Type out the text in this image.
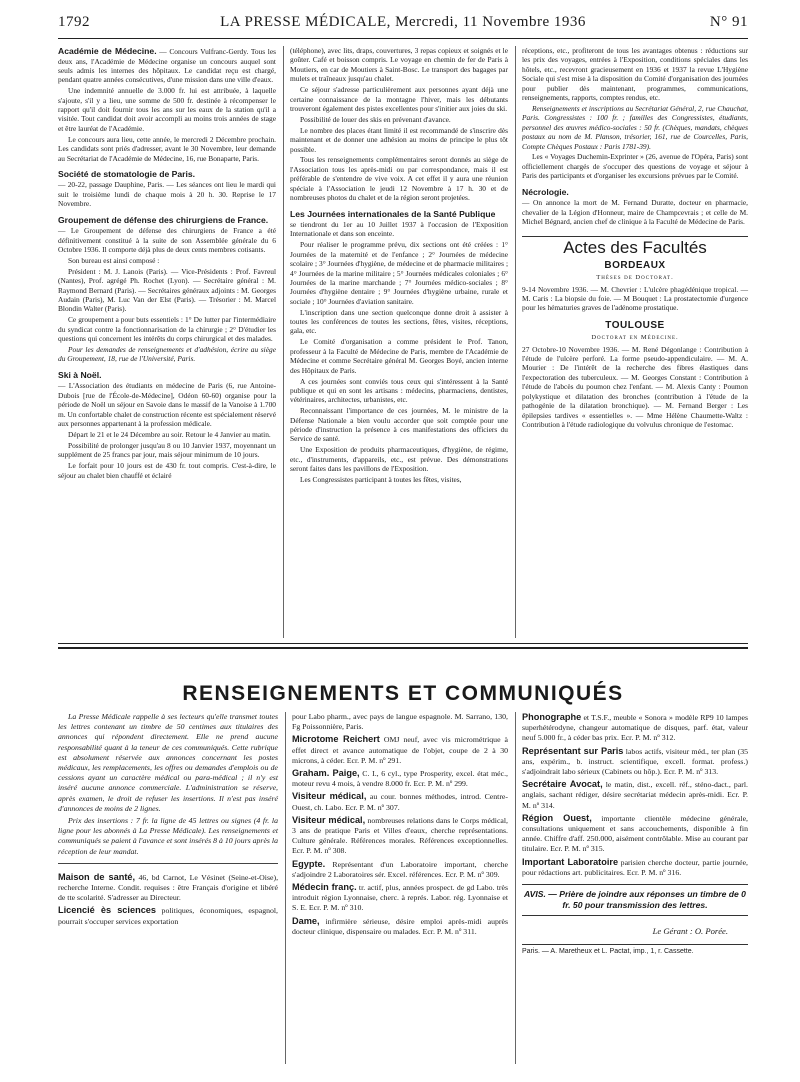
1792	LA PRESSE MÉDICALE, Mercredi, 11 Novembre 1936	N° 91

Académie de Médecine. — Concours Vulfranc-Gerdy. Tous les deux ans, l'Académie de Médecine organise un concours auquel sont seuls admis les internes des hôpitaux. Le candidat reçu est chargé, pendant quatre années consécutives, d'une mission dans une ville d'eaux.

Une indemnité annuelle de 3.000 fr. lui est attribuée, à laquelle s'ajoute, s'il y a lieu, une somme de 500 fr. destinée à récompenser le rapport qu'il doit fournir tous les ans sur les eaux de la station qu'il a visitée. Tout candidat doit avoir accompli au moins trois années de stage et être lauréat de l'Académie.

Le concours aura lieu, cette année, le mercredi 2 Décembre prochain. Les candidats sont priés d'adresser, avant le 30 Novembre, leur demande au Secrétariat de l'Académie de Médecine, 16, rue Bonaparte, Paris.

Société de stomatologie de Paris.

— 20-22, passage Dauphine, Paris. — Les séances ont lieu le mardi qui suit le troisième lundi de chaque mois à 20 h. 30. Reprise le 17 Novembre.

Groupement de défense des chirurgiens de France.

— Le Groupement de défense des chirurgiens de France a été définitivement constitué à la suite de son Assemblée générale du 6 Octobre 1936. Il comporte déjà plus de deux cents membres cotisants.

Son bureau est ainsi composé :

Président : M. J. Lanois (Paris). — Vice-Présidents : Prof. Favreul (Nantes), Prof. agrégé Ph. Rochet (Lyon). — Secrétaire général : M. Raymond Bernard (Paris). — Secrétaires généraux adjoints : M. Georges Audain (Paris), M. Luc Van der Elst (Paris). — Trésorier : M. Marcel Blondin Walter (Paris).

Ce groupement a pour buts essentiels : 1° De lutter par l'intermédiaire du syndicat contre la fonctionnarisation de la chirurgie ; 2° D'étudier les questions qui concernent les intérêts du corps chirurgical et des malades.

Pour les demandes de renseignements et d'adhésion, écrire au siège du Groupement, 18, rue de l'Université, Paris.

Ski à Noël.

— L'Association des étudiants en médecine de Paris (6, rue Antoine-Dubois [rue de l'École-de-Médecine], Odéon 60-60) organise pour la période de Noël un séjour en Savoie dans le massif de la Vanoise à 1.700 m. Un confortable chalet de construction récente est spécialement réservé aux personnes appartenant à la profession médicale.

Départ le 21 et le 24 Décembre au soir. Retour le 4 Janvier au matin.

Possibilité de prolonger jusqu'au 8 ou 10 Janvier 1937, moyennant un supplément de 25 francs par jour, mais séjour minimum de 10 jours.

Le forfait pour 10 jours est de 430 fr. tout compris. C'est-à-dire, le séjour au chalet bien chauffé et éclairé

(téléphone), avec lits, draps, couvertures, 3 repas copieux et soignés et le goûter. Café et boisson compris. Le voyage en chemin de fer de Paris à Moutiers, en car de Moutiers à Saint-Bosc. Le transport des bagages par mulets et traîneaux jusqu'au chalet.

Ce séjour s'adresse particulièrement aux personnes ayant déjà une certaine connaissance de la montagne l'hiver, mais les débutants trouveront également des pistes excellentes pour s'initier aux joies du ski.

Possibilité de louer des skis en prévenant d'avance.

Le nombre des places étant limité il est recommandé de s'inscrire dès maintenant et de donner une adhésion au moins de principe le plus tôt possible.

Tous les renseignements complémentaires seront donnés au siège de l'Association tous les après-midi ou par correspondance, mais il est préférable de s'entendre de vive voix. A cet effet il y aura une réunion spéciale à l'Association le jeudi 12 Novembre à 17 h. 30 et de nombreuses photos du chalet et de la région seront projetées.

Les Journées internationales de la Santé Publique

se tiendront du 1er au 10 Juillet 1937 à l'occasion de l'Exposition Internationale et dans son enceinte.

Pour réaliser le programme prévu, dix sections ont été créées : 1° Journées de la maternité et de l'enfance ; 2° Journées de médecine scolaire ; 3° Journées d'hygiène, de médecine et de pharmacie militaires ; 4° Journées de la marine militaire ; 5° Journées médicales coloniales ; 6° Journées de la marine marchande ; 7° Journées médico-sociales ; 8° Journées d'hygiène dentaire ; 9° Journées d'hygiène urbaine, rurale et sociale ; 10° Journées d'aviation sanitaire.

L'inscription dans une section quelconque donne droit à assister à toutes les conférences de toutes les sections, fêtes, visites, réceptions, gala, etc.

Le Comité d'organisation a comme président le Prof. Tanon, professeur à la Faculté de Médecine de Paris, membre de l'Académie de Médecine et comme Secrétaire général M. Georges Boyé, ancien interne des Hôpitaux de Paris.

A ces journées sont conviés tous ceux qui s'intéressent à la Santé publique et qui en sont les artisans : médecins, pharmaciens, dentistes, vétérinaires, architectes, urbanistes, etc.

Reconnaissant l'importance de ces journées, M. le ministre de la Défense Nationale a bien voulu accorder que soit comptée pour une période d'instruction la présence à ces manifestations des officiers du Service de santé.

Une Exposition de produits pharmaceutiques, d'hygiène, de régime, etc., d'instruments, d'appareils, etc., est prévue. Des démonstrations seront faites dans les pavillons de l'Exposition.

Les Congressistes participant à toutes les fêtes, visites,

réceptions, etc., profiteront de tous les avantages obtenus : réductions sur les prix des voyages, entrées à l'Exposition, conditions spéciales dans les hôtels, etc., recevront gracieusement en 1936 et 1937 la revue L'Hygiène Sociale qui s'est mise à la disposition du Comité d'organisation des journées pour publier dès maintenant, programmes, communications, renseignements, rapports, comptes rendus, etc.

Renseignements et inscriptions au Secrétariat Général, 2, rue Chauchat, Paris. Congressistes : 100 fr. ; familles des Congressistes, étudiants, personnel des œuvres médico-sociales : 50 fr. (Chèques, mandats, chèques postaux au nom de M. Planson, trésorier, 161, rue de Courcelles, Paris, Compte Chèques Postaux : Paris 1781-39).

Les « Voyages Duchemin-Exprinter » (26, avenue de l'Opéra, Paris) sont officiellement chargés de s'occuper des questions de voyage et séjour à Paris des participants et d'organiser les excursions prévues par le Comité.

Nécrologie.

— On annonce la mort de M. Fernand Duratte, docteur en pharmacie, chevalier de la Légion d'Honneur, maire de Champcevrais ; et celle de M. Michel Bégnard, ancien chef de clinique à la Faculté de Médecine de Paris.

Actes des Facultés
BORDEAUX
Thèses de Doctorat.

9-14 Novembre 1936. — M. Chevrier : L'ulcère phagédénique tropical. — M. Caris : La biopsie du foie. — M Bouquet : La prostatectomie d'urgence pour les hématuries graves de l'adénome prostatique.

TOULOUSE
Doctorat en Médecine.

27 Octobre-10 Novembre 1936. — M. René Dégonlange : Contribution à l'étude de l'ulcère perforé. La forme pseudo-appendiculaire. — M. A. Mourier : De l'intérêt de la recherche des fibres élastiques dans l'expectoration des tuberculeux. — M. Georges Constant : Contribution à l'étude de l'abcès du poumon chez l'enfant. — M. Alexis Canty : Poumon polykystique et dilatation des bronches (contribution à l'étude de la pathogénie de la dilatation bronchique). — M. Fernand Berger : Les épilepsies tardives « essentielles ». — Mme Hélène Chaumette-Waltz : Contribution à l'étude radiologique du volvulus chronique de l'estomac.

RENSEIGNEMENTS ET COMMUNIQUÉS

La Presse Médicale rappelle à ses lecteurs qu'elle transmet toutes les lettres contenant un timbre de 50 centimes aux titulaires des annonces qui répondent directement. Elle ne prend aucune responsabilité quant à la teneur de ces communiqués. Cette rubrique est absolument réservée aux annonces concernant les postes médicaux, les remplacements, les offres ou demandes d'emplois ou de cessions ayant un caractère médical ou para-médical ; il n'y est inséré aucune annonce commerciale. L'administration se réserve, après examen, le droit de refuser les insertions. Il n'est pas inséré d'annonces de moins de 2 lignes.

Prix des insertions : 7 fr. la ligne de 45 lettres ou signes (4 fr. la ligne pour les abonnés à La Presse Médicale). Les renseignements et communiqués se paient à l'avance et sont insérés 8 à 10 jours après la réception de leur mandat.

Maison de santé, 46, bd Carnot, Le Vésinet (Seine-et-Oise), recherche Interne. Condit. requises : être Français d'origine et libéré de tte scolarité. S'adresser au Directeur.

Licencié ès sciences politiques, économiques, espagnol, pourrait s'occuper services exportation

pour Labo pharm., avec pays de langue espagnole. M. Sarrano, 130, Fg Poissonnière, Paris.

Microtome Reichert OMJ neuf, avec vis micrométrique à effet direct et avance automatique de l'objet, coupe de 2 à 30 microns, à céder. Ecr. P. M. nº 291.

Graham. Paige, C. I., 6 cyl., type Prosperity, excel. état méc., moteur revu 4 mois, à vendre 8.000 fr. Ecr. P. M. nº 299.

Visiteur médical, au cour. bonnes méthodes, introd. Centre-Ouest, ch. Labo. Ecr. P. M. nº 307.

Visiteur médical, nombreuses relations dans le Corps médical, 3 ans de pratique Paris et Villes d'eaux, cherche représentations. Culture générale. Références morales. Références exceptionnelles. Ecr. P. M. nº 308.

Egypte. Représentant d'un Laboratoire important, cherche s'adjoindre 2 Laboratoires sér. Excel. références. Ecr. P. M. nº 309.

Médecin franç. tr. actif, plus, années prospect. de gd Labo. très introduit région Lyonnaise, cherc. à représ. Labor. rég. Lyonnaise et S. E. Ecr. P. M. nº 310.

Dame, infirmière sérieuse, désire emploi après-midi auprès docteur clinique, dispensaire ou malades. Ecr. P. M. nº 311.

Phonographe et T.S.F., meuble « Sonora » modèle RP9 10 lampes superhétérodyne, changeur automatique de disques, parf. état, valeur neuf 5.000 fr., à céder bas prix. Ecr. P. M. nº 312.

Représentant sur Paris labos actifs, visiteur méd., ter plan (35 ans, expérim., b. instruct. scientifique, excell. format. profess.) s'adjoindrait labo sérieux (Cabinets ou hôp.). Ecr. P. M. nº 313.

Secrétaire Avocat, le matin, dist., excell. réf., sténo-dact., parl. anglais, sachant rédiger, désire secrétariat médecin après-midi. Ecr. P. M. nº 314.

Région Ouest, importante clientèle médecine générale, consultations uniquement et sans accouchements, disponible à fin année. Chiffre d'aff. 250.000, aisément contrôlable. Mise au courant par titulaire. Ecr. P. M. nº 315.

Important Laboratoire parisien cherche docteur, partie journée, pour rédactions art. publicitaires. Ecr. P. M. nº 316.

AVIS. — Prière de joindre aux réponses un timbre de 0 fr. 50 pour transmission des lettres.
Le Gérant : O. Porée.
Paris. — A. Maretheux et L. Pactat, imp., 1, r. Cassette.
